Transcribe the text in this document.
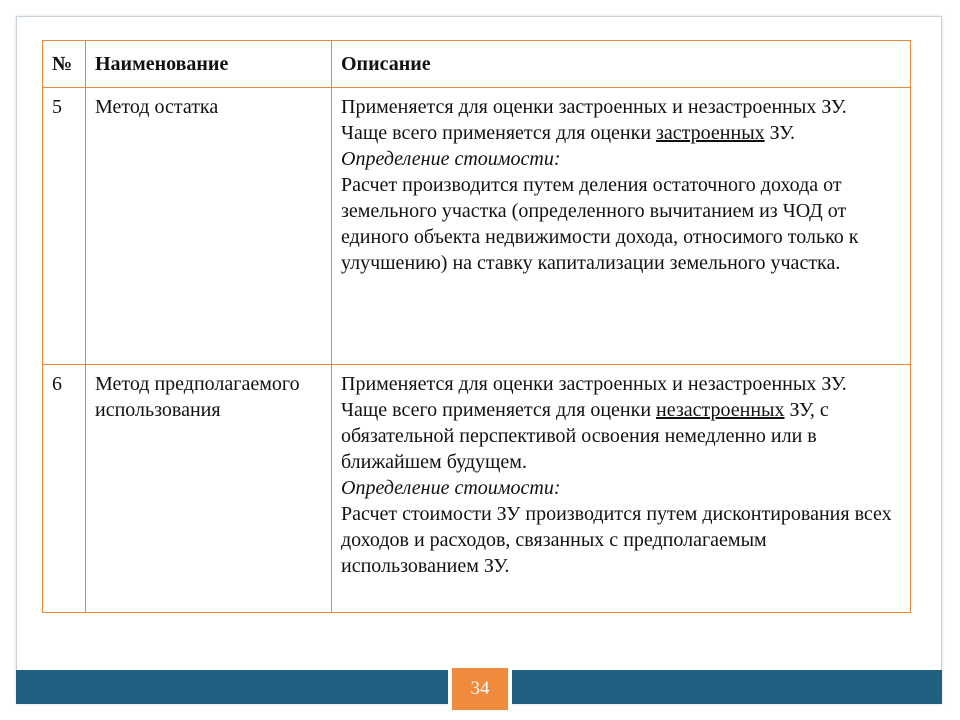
№	Наименование	Описание
5	Метод остатка	Применяется для оценки застроенных и незастроенных ЗУ.
Чаще всего применяется для оценки застроенных ЗУ.
Определение стоимости:
Расчет производится путем деления остаточного дохода от земельного участка (определенного вычитанием из ЧОД от единого объекта недвижимости дохода, относимого только к улучшению) на ставку капитализации земельного участка.

6	Метод предполагаемого использования	Применяется для оценки застроенных и незастроенных ЗУ.
Чаще всего применяется для оценки незастроенных ЗУ, с обязательной перспективой освоения немедленно или в ближайшем будущем.
Определение стоимости:
Расчет стоимости ЗУ производится путем дисконтирования всех доходов и расходов, связанных с предполагаемым использованием ЗУ.
34
